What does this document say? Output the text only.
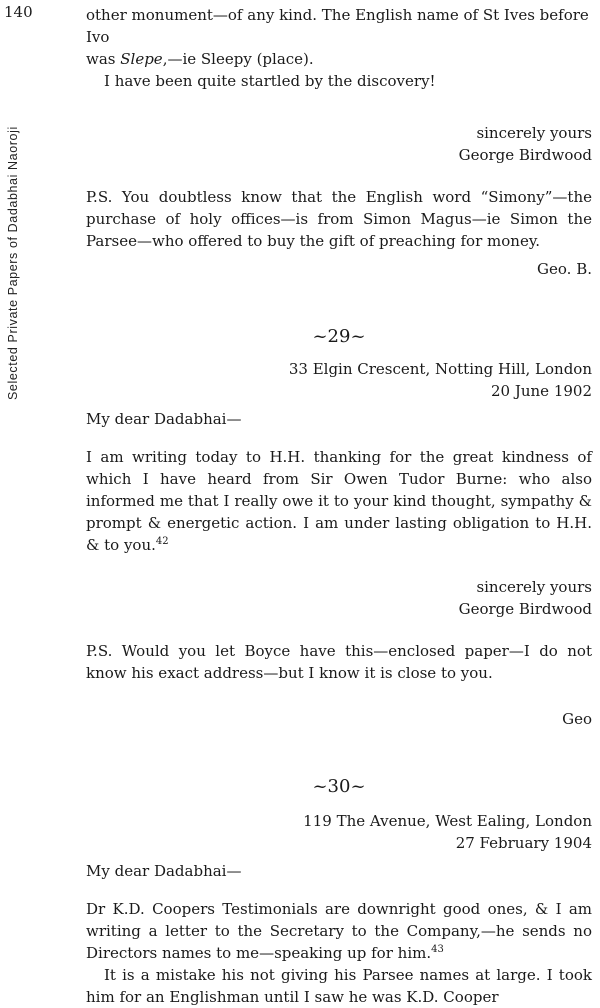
140
Selected Private Papers of Dadabhai Naoroji

other monument—of any kind. The English name of St Ives before Ivo

was Slepe,—ie Sleepy (place).

I have been quite startled by the discovery!

sincerely yours

George Birdwood

P.S. You doubtless know that the English word “Simony”—the purchase of holy offices—is from Simon Magus—ie Simon the Parsee—who offered to buy the gift of preaching for money.

Geo. B.

~29~

33 Elgin Crescent, Notting Hill, London

20 June 1902

My dear Dadabhai—

I am writing today to H.H. thanking for the great kindness of which I have heard from Sir Owen Tudor Burne: who also informed me that I really owe it to your kind thought, sympathy & prompt & energetic action. I am under lasting obligation to H.H. & to you.$^{42}$

sincerely yours

George Birdwood

P.S. Would you let Boyce have this—enclosed paper—I do not know his exact address—but I know it is close to you.

Geo

~30~

119 The Avenue, West Ealing, London

27 February 1904

My dear Dadabhai—

Dr K.D. Coopers Testimonials are downright good ones, & I am writing a letter to the Secretary to the Company,—he sends no Directors names to me—speaking up for him.$^{43}$

It is a mistake his not giving his Parsee names at large. I took him for an Englishman until I saw he was K.D. Cooper
